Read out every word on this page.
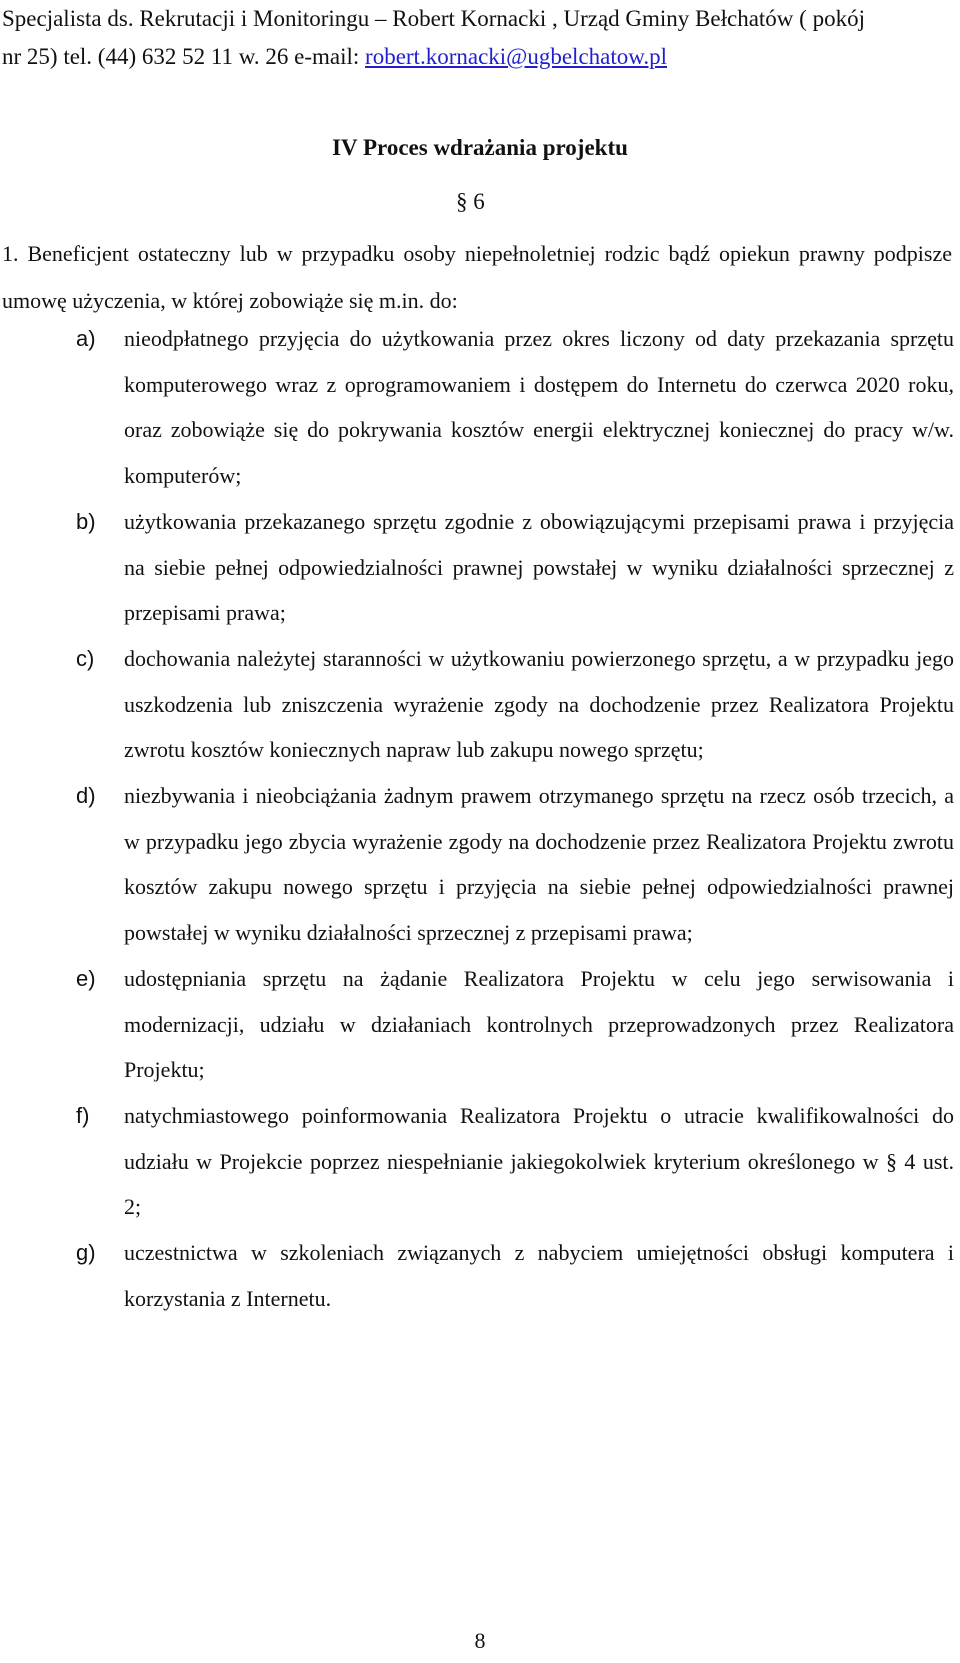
Specjalista ds. Rekrutacji i Monitoringu – Robert Kornacki , Urząd Gminy Bełchatów ( pokój
nr 25) tel. (44) 632 52 11 w. 26 e-mail: robert.kornacki@ugbelchatow.pl
IV Proces wdrażania projektu
§ 6
1. Beneficjent ostateczny lub w przypadku osoby niepełnoletniej rodzic bądź opiekun prawny podpisze umowę użyczenia, w której zobowiąże się m.in. do:
a) nieodpłatnego przyjęcia do użytkowania przez okres liczony od daty przekazania sprzętu komputerowego wraz z oprogramowaniem i dostępem do Internetu do czerwca 2020 roku, oraz zobowiąże się do pokrywania kosztów energii elektrycznej koniecznej do pracy w/w. komputerów;
b) użytkowania przekazanego sprzętu zgodnie z obowiązującymi przepisami prawa i przyjęcia na siebie pełnej odpowiedzialności prawnej powstałej w wyniku działalności sprzecznej z przepisami prawa;
c) dochowania należytej staranności w użytkowaniu powierzonego sprzętu, a w przypadku jego uszkodzenia lub zniszczenia wyrażenie zgody na dochodzenie przez Realizatora Projektu zwrotu kosztów koniecznych napraw lub zakupu nowego sprzętu;
d) niezbywania i nieobciążania żadnym prawem otrzymanego sprzętu na rzecz osób trzecich, a w przypadku jego zbycia wyrażenie zgody na dochodzenie przez Realizatora Projektu zwrotu kosztów zakupu nowego sprzętu i przyjęcia na siebie pełnej odpowiedzialności prawnej powstałej w wyniku działalności sprzecznej z przepisami prawa;
e) udostępniania sprzętu na żądanie Realizatora Projektu w celu jego serwisowania i modernizacji, udziału w działaniach kontrolnych przeprowadzonych przez Realizatora Projektu;
f) natychmiastowego poinformowania Realizatora Projektu o utracie kwalifikowalności do udziału w Projekcie poprzez niespełnianie jakiegokolwiek kryterium określonego w § 4 ust. 2;
g) uczestnictwa w szkoleniach związanych z nabyciem umiejętności obsługi komputera i korzystania z Internetu.
8
